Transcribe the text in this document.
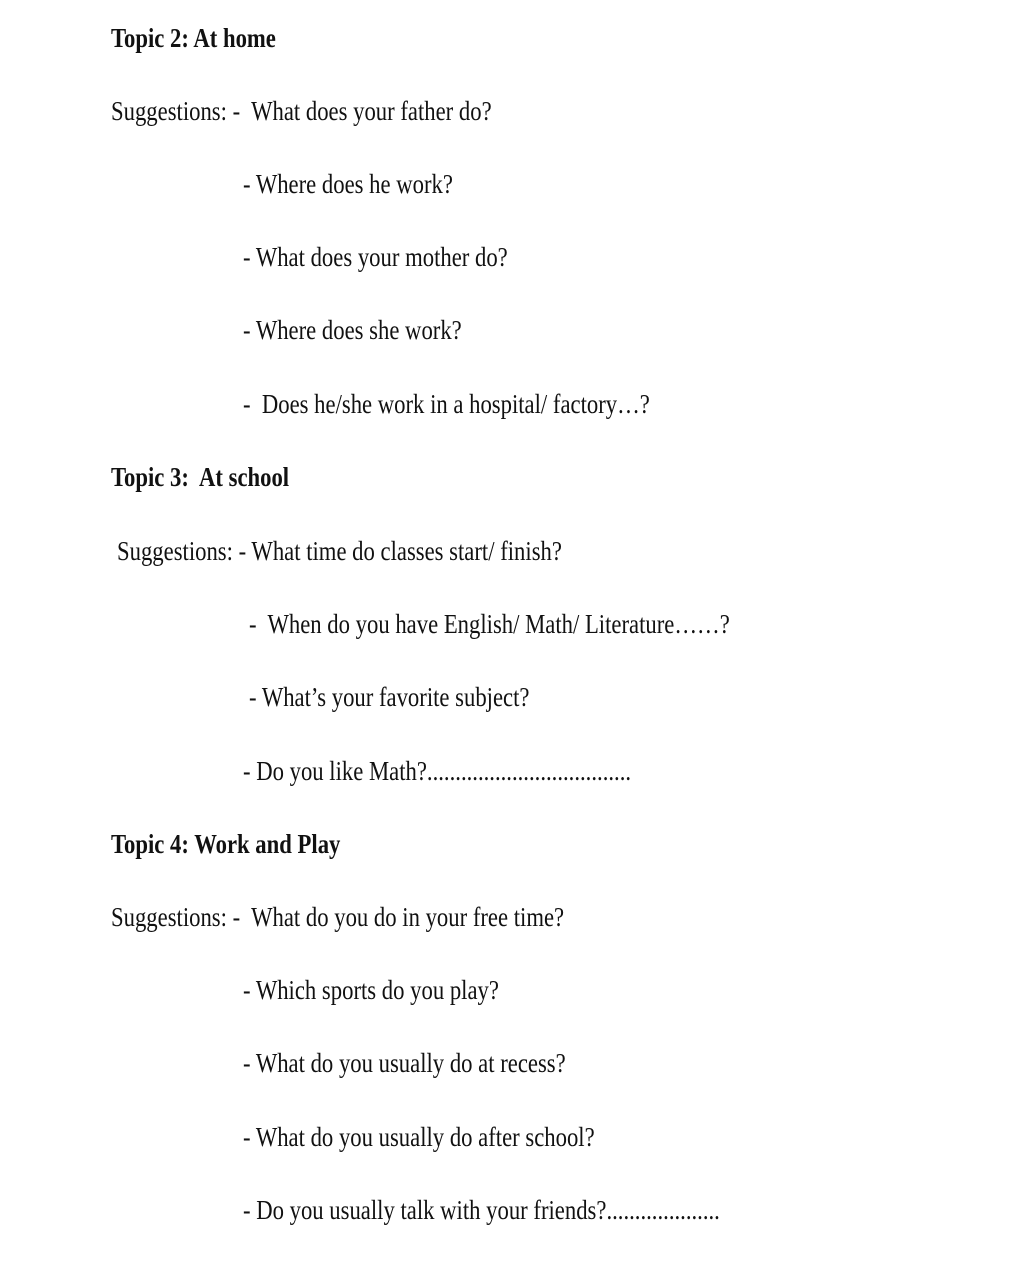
Topic 2: At home
Suggestions: -  What does your father do?
- Where does he work?
- What does your mother do?
- Where does she work?
-  Does he/she work in a hospital/ factory…?
Topic 3:  At school
Suggestions: - What time do classes start/ finish?
-  When do you have English/ Math/ Literature……?
- What’s your favorite subject?
- Do you like Math?....................................
Topic 4: Work and Play
Suggestions: -  What do you do in your free time?
- Which sports do you play?
- What do you usually do at recess?
- What do you usually do after school?
- Do you usually talk with your friends?....................
